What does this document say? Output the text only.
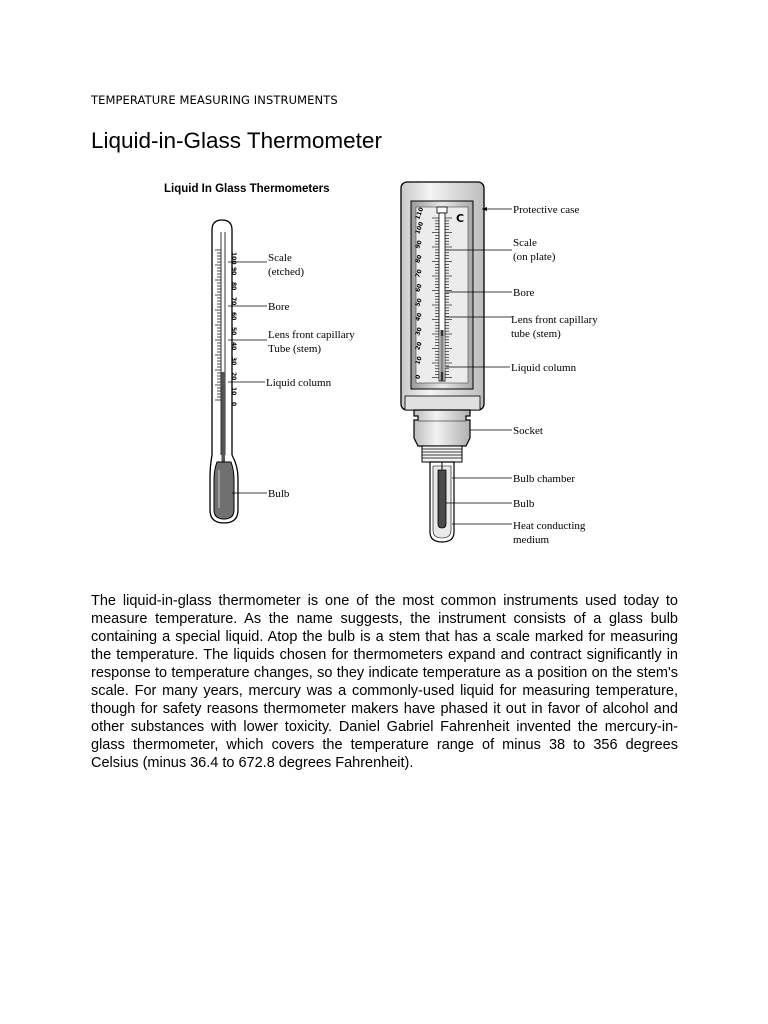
TEMPERATURE MEASURING INSTRUMENTS
Liquid-in-Glass Thermometer
Liquid In Glass Thermometers
100
90
80
70
60
50
40
30
20
10
0
Scale
(etched)
Bore
Lens front capillary
Tube (stem)
Liquid column
Bulb
110
100
90
80
70
60
50
40
30
20
10
0
C
Protective case
Scale
(on plate)
Bore
Lens front capillary
tube (stem)
Liquid column
Socket
Bulb chamber
Bulb
Heat conducting
medium
The liquid-in-glass thermometer is one of the most common instruments used today to measure temperature. As the name suggests, the instrument consists of a glass bulb containing a special liquid. Atop the bulb is a stem that has a scale marked for measuring the temperature. The liquids chosen for thermometers expand and contract significantly in response to temperature changes, so they indicate temperature as a position on the stem's scale. For many years, mercury was a commonly-used liquid for measuring temperature, though for safety reasons thermometer makers have phased it out in favor of alcohol and other substances with lower toxicity. Daniel Gabriel Fahrenheit invented the mercury-in-glass thermometer, which covers the temperature range of minus 38 to 356 degrees Celsius (minus 36.4 to 672.8 degrees Fahrenheit).
